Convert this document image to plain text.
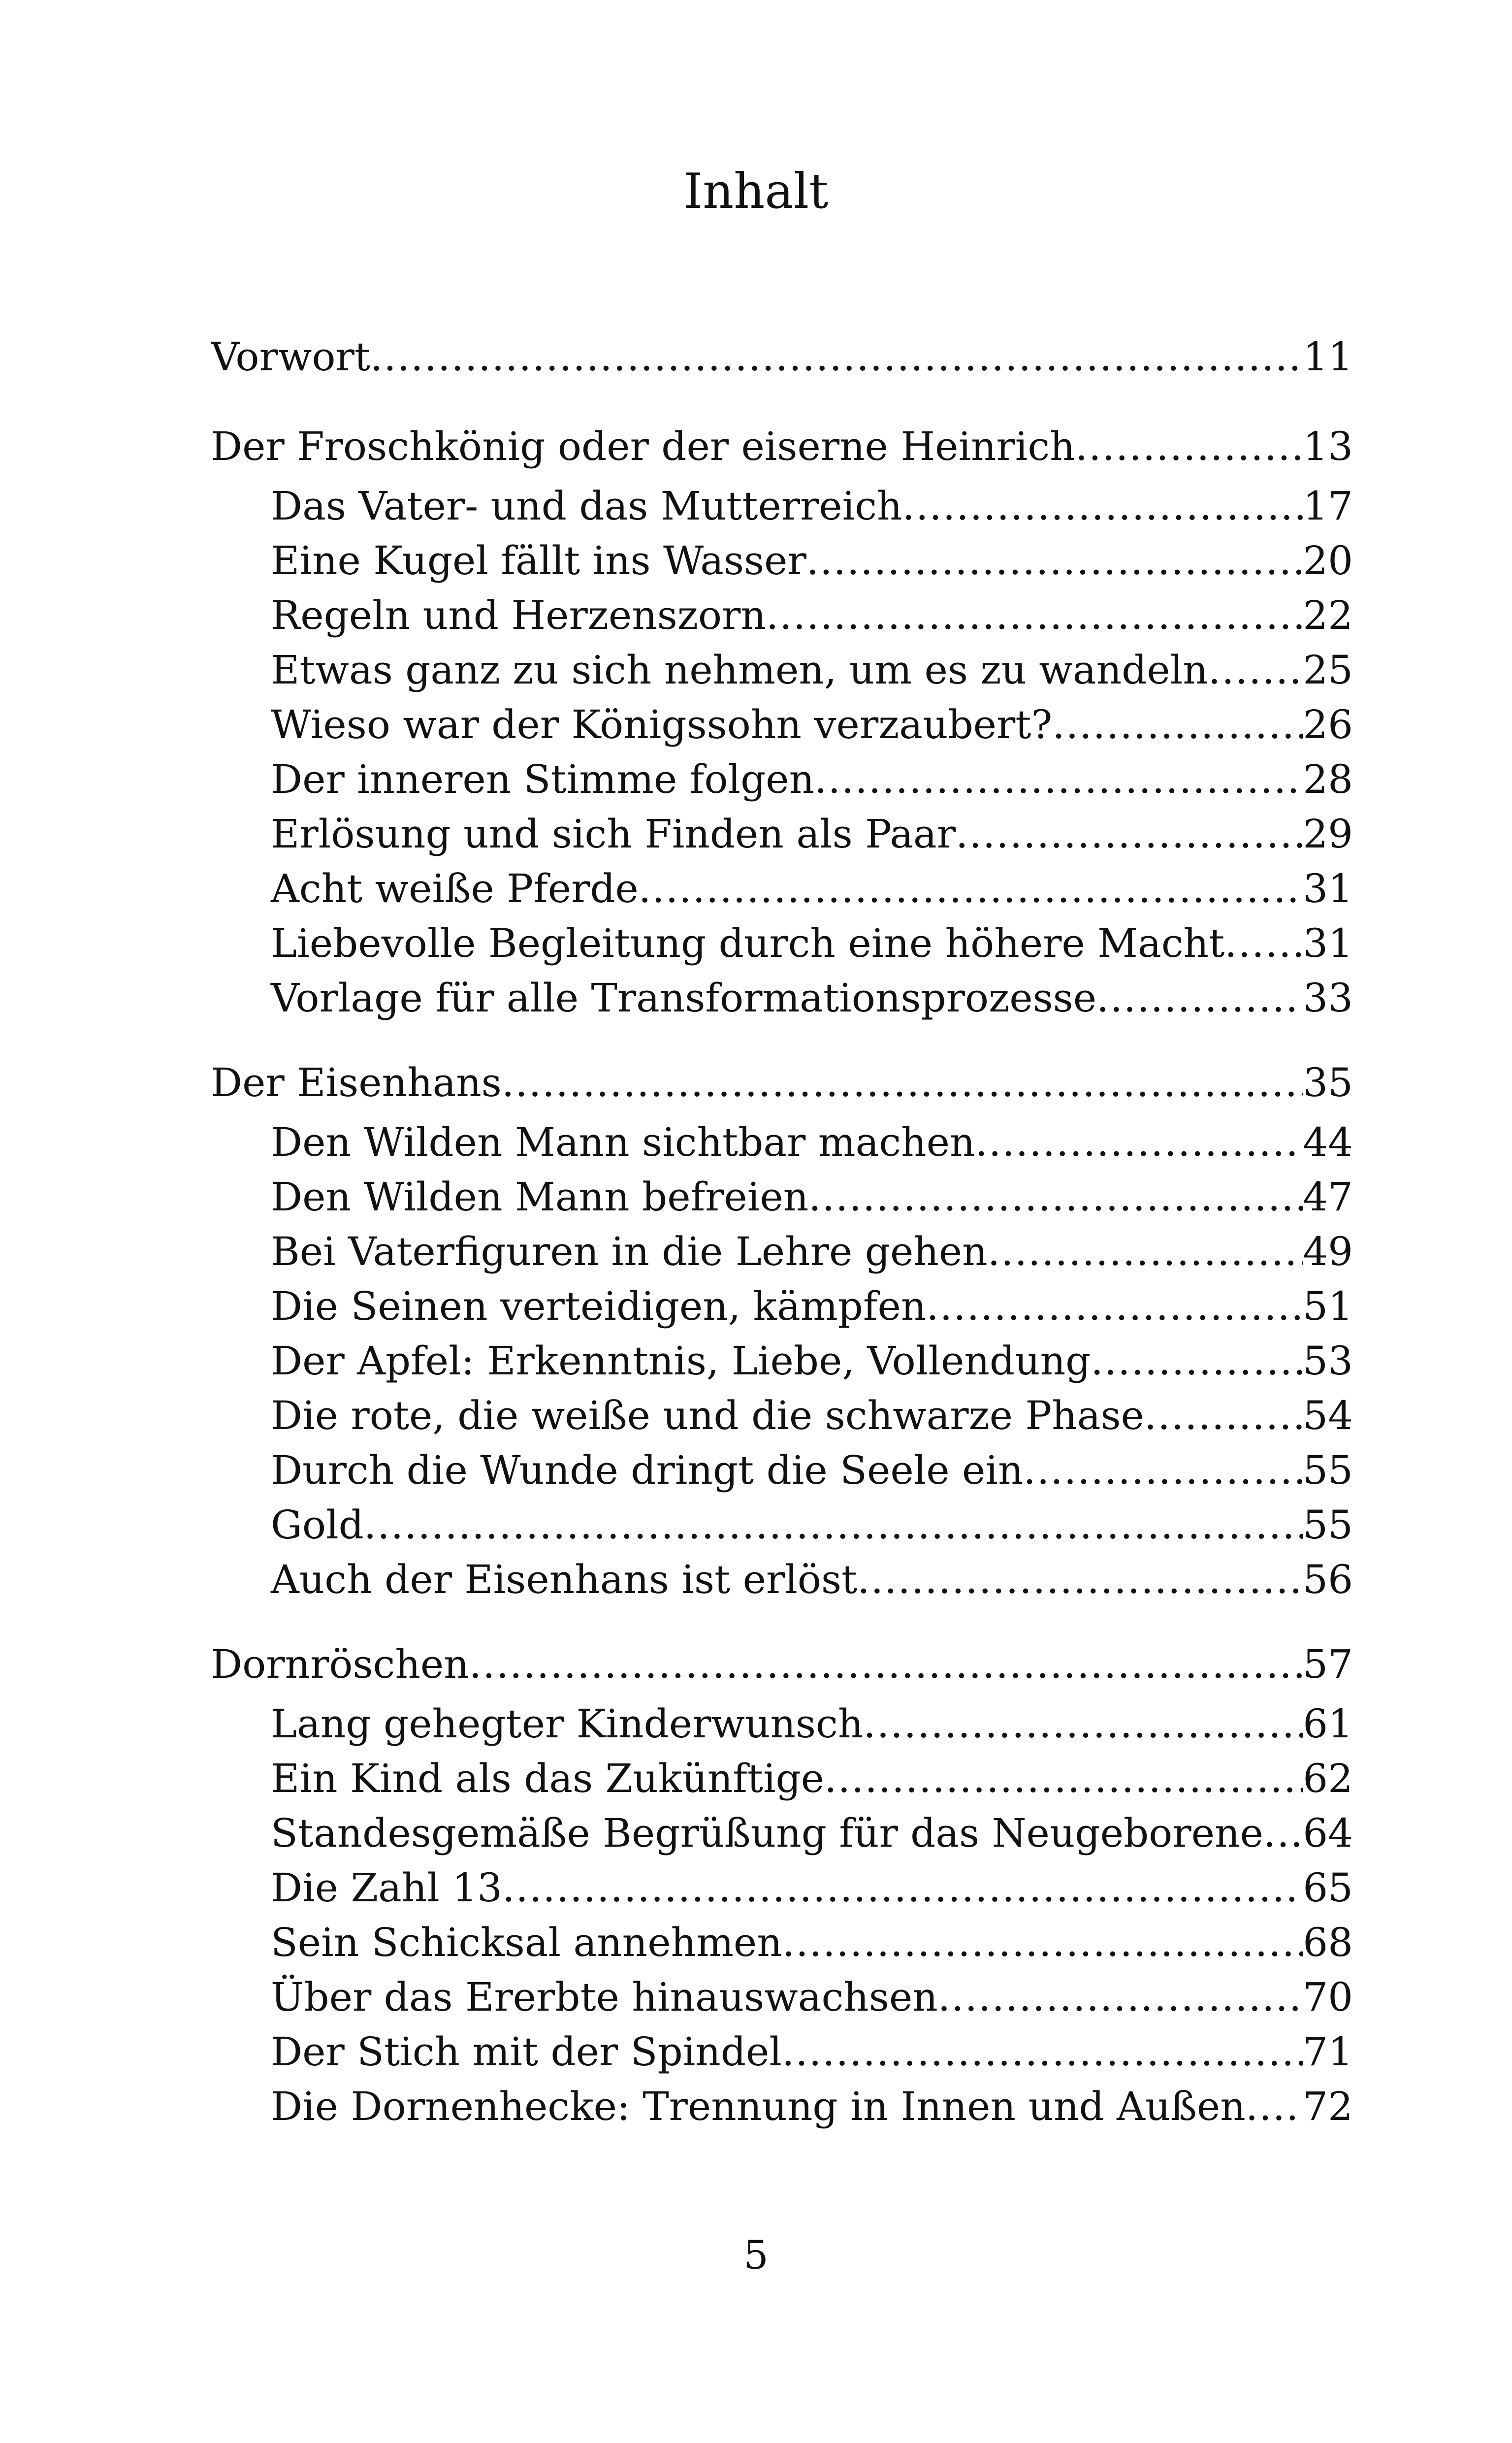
Inhalt
Vorwort .....	11
Der Froschkönig oder der eiserne Heinrich .....	13
Das Vater- und das Mutterreich .....	17
Eine Kugel fällt ins Wasser .....	20
Regeln und Herzenszorn .....	22
Etwas ganz zu sich nehmen, um es zu wandeln ..... 25
Wieso war der Königssohn verzaubert? .....	26
Der inneren Stimme folgen .....	28
Erlösung und sich Finden als Paar .....	29
Acht weiße Pferde .....	31
Liebevolle Begleitung durch eine höhere Macht ..... 31
Vorlage für alle Transformationsprozesse .....	33
Der Eisenhans .....	35
Den Wilden Mann sichtbar machen .....	44
Den Wilden Mann befreien .....	47
Bei Vaterfiguren in die Lehre gehen .....	49
Die Seinen verteidigen, kämpfen .....	51
Der Apfel: Erkenntnis, Liebe, Vollendung .....	53
Die rote, die weiße und die schwarze Phase .....	54
Durch die Wunde dringt die Seele ein .....	55
Gold .....	55
Auch der Eisenhans ist erlöst .....	56
Dornröschen .....	57
Lang gehegter Kinderwunsch .....	61
Ein Kind als das Zukünftige .....	62
Standesgemäße Begrüßung für das Neugeborene ..... 64
Die Zahl 13 .....	65
Sein Schicksal annehmen .....	68
Über das Ererbte hinauswachsen .....	70
Der Stich mit der Spindel .....	71
Die Dornenhecke: Trennung in Innen und Außen ..... 72
5
